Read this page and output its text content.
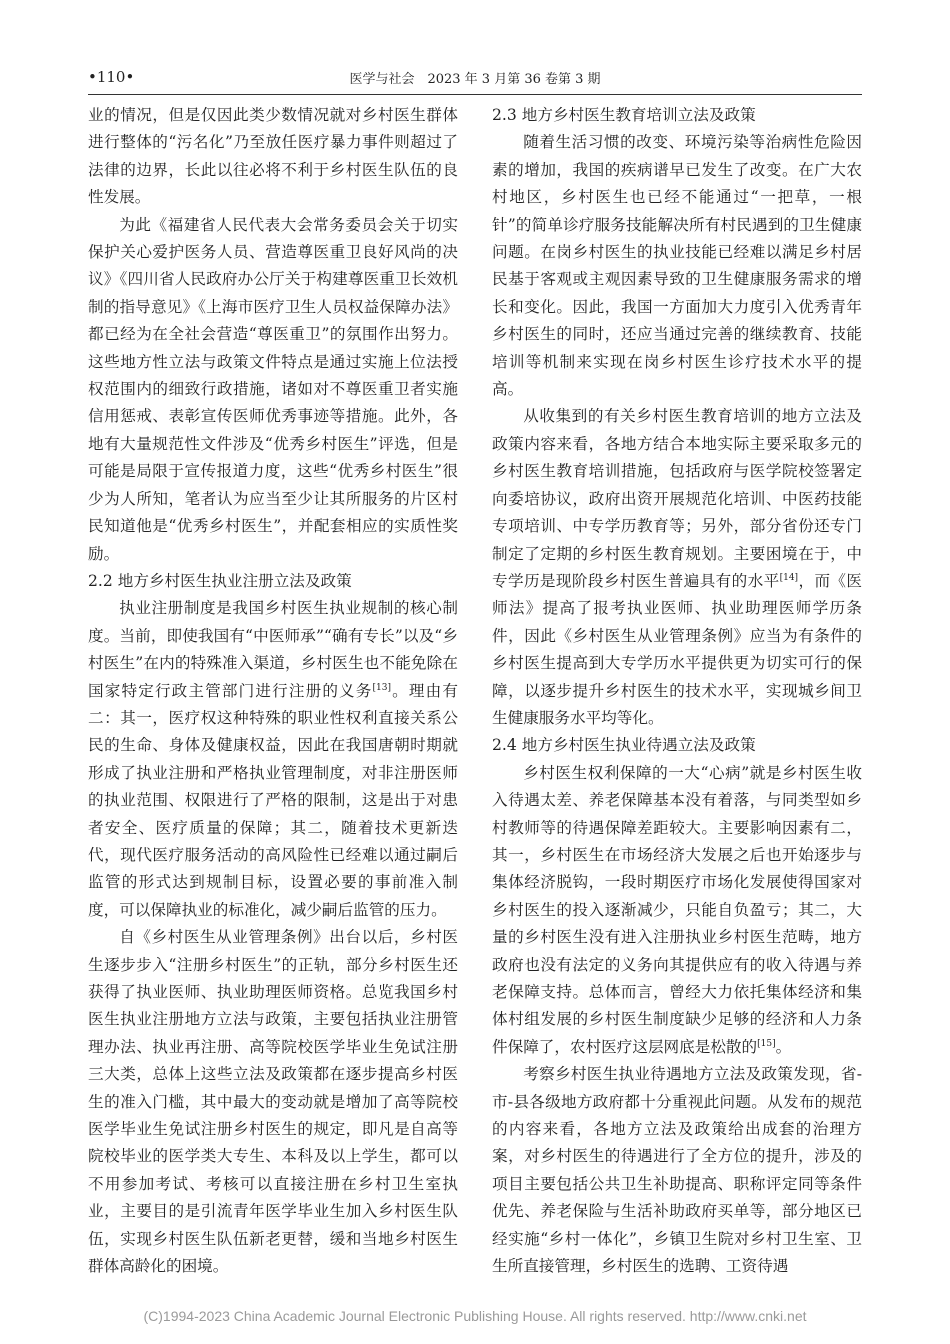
•110•	医学与社会　2023 年 3 月第 36 卷第 3 期

业的情况，但是仅因此类少数情况就对乡村医生群体进行整体的“污名化”乃至放任医疗暴力事件则超过了法律的边界，长此以往必将不利于乡村医生队伍的良性发展。

为此《福建省人民代表大会常务委员会关于切实保护关心爱护医务人员、营造尊医重卫良好风尚的决议》《四川省人民政府办公厅关于构建尊医重卫长效机制的指导意见》《上海市医疗卫生人员权益保障办法》都已经为在全社会营造“尊医重卫”的氛围作出努力。这些地方性立法与政策文件特点是通过实施上位法授权范围内的细致行政措施，诸如对不尊医重卫者实施信用惩戒、表彰宣传医师优秀事迹等措施。此外，各地有大量规范性文件涉及“优秀乡村医生”评选，但是可能是局限于宣传报道力度，这些“优秀乡村医生”很少为人所知，笔者认为应当至少让其所服务的片区村民知道他是“优秀乡村医生”，并配套相应的实质性奖励。

2.2 地方乡村医生执业注册立法及政策

执业注册制度是我国乡村医生执业规制的核心制度。当前，即使我国有“中医师承”“确有专长”以及“乡村医生”在内的特殊准入渠道，乡村医生也不能免除在国家特定行政主管部门进行注册的义务[13]。理由有二：其一，医疗权这种特殊的职业性权利直接关系公民的生命、身体及健康权益，因此在我国唐朝时期就形成了执业注册和严格执业管理制度，对非注册医师的执业范围、权限进行了严格的限制，这是出于对患者安全、医疗质量的保障；其二，随着技术更新迭代，现代医疗服务活动的高风险性已经难以通过嗣后监管的形式达到规制目标，设置必要的事前准入制度，可以保障执业的标准化，减少嗣后监管的压力。

自《乡村医生从业管理条例》出台以后，乡村医生逐步步入“注册乡村医生”的正轨，部分乡村医生还获得了执业医师、执业助理医师资格。总览我国乡村医生执业注册地方立法与政策，主要包括执业注册管理办法、执业再注册、高等院校医学毕业生免试注册三大类，总体上这些立法及政策都在逐步提高乡村医生的准入门槛，其中最大的变动就是增加了高等院校医学毕业生免试注册乡村医生的规定，即凡是自高等院校毕业的医学类大专生、本科及以上学生，都可以不用参加考试、考核可以直接注册在乡村卫生室执业，主要目的是引流青年医学毕业生加入乡村医生队伍，实现乡村医生队伍新老更替，缓和当地乡村医生群体高龄化的困境。

2.3 地方乡村医生教育培训立法及政策

随着生活习惯的改变、环境污染等治病性危险因素的增加，我国的疾病谱早已发生了改变。在广大农村地区，乡村医生也已经不能通过“一把草，一根针”的简单诊疗服务技能解决所有村民遇到的卫生健康问题。在岗乡村医生的执业技能已经难以满足乡村居民基于客观或主观因素导致的卫生健康服务需求的增长和变化。因此，我国一方面加大力度引入优秀青年乡村医生的同时，还应当通过完善的继续教育、技能培训等机制来实现在岗乡村医生诊疗技术水平的提高。

从收集到的有关乡村医生教育培训的地方立法及政策内容来看，各地方结合本地实际主要采取多元的乡村医生教育培训措施，包括政府与医学院校签署定向委培协议，政府出资开展规范化培训、中医药技能专项培训、中专学历教育等；另外，部分省份还专门制定了定期的乡村医生教育规划。主要困境在于，中专学历是现阶段乡村医生普遍具有的水平[14]，而《医师法》提高了报考执业医师、执业助理医师学历条件，因此《乡村医生从业管理条例》应当为有条件的乡村医生提高到大专学历水平提供更为切实可行的保障，以逐步提升乡村医生的技术水平，实现城乡间卫生健康服务水平均等化。

2.4 地方乡村医生执业待遇立法及政策

乡村医生权利保障的一大“心病”就是乡村医生收入待遇太差、养老保障基本没有着落，与同类型如乡村教师等的待遇保障差距较大。主要影响因素有二，其一，乡村医生在市场经济大发展之后也开始逐步与集体经济脱钩，一段时期医疗市场化发展使得国家对乡村医生的投入逐渐减少，只能自负盈亏；其二，大量的乡村医生没有进入注册执业乡村医生范畴，地方政府也没有法定的义务向其提供应有的收入待遇与养老保障支持。总体而言，曾经大力依托集体经济和集体村组发展的乡村医生制度缺少足够的经济和人力条件保障了，农村医疗这层网底是松散的[15]。

考察乡村医生执业待遇地方立法及政策发现，省-市-县各级地方政府都十分重视此问题。从发布的规范的内容来看，各地方立法及政策给出成套的治理方案，对乡村医生的待遇进行了全方位的提升，涉及的项目主要包括公共卫生补助提高、职称评定同等条件优先、养老保险与生活补助政府买单等，部分地区已经实施“乡村一体化”，乡镇卫生院对乡村卫生室、卫生所直接管理，乡村医生的选聘、工资待遇

(C)1994-2023 China Academic Journal Electronic Publishing House. All rights reserved. http://www.cnki.net
